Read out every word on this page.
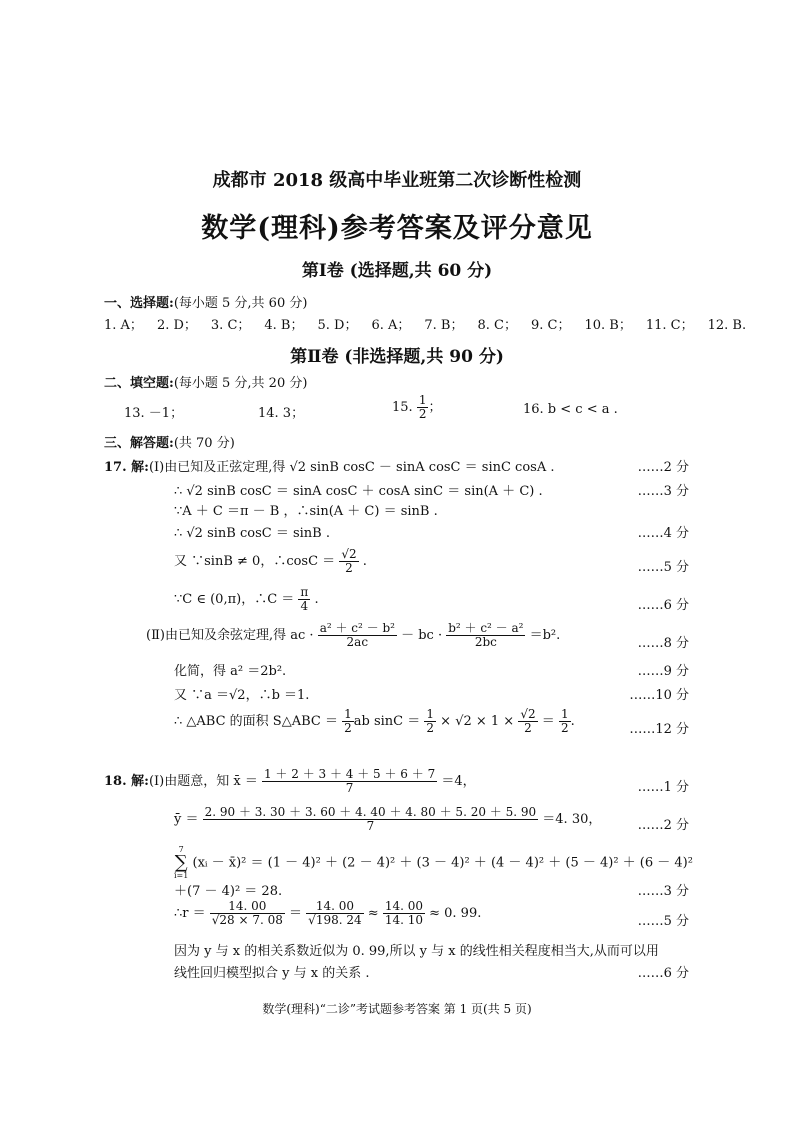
成都市 2018 级高中毕业班第二次诊断性检测
数学(理科)参考答案及评分意见
第Ⅰ卷 (选择题,共 60 分)
一、选择题:(每小题 5 分,共 60 分)
1. A； 2. D； 3. C； 4. B； 5. D； 6. A； 7. B； 8. C； 9. C； 10. B； 11. C； 12. B.
第Ⅱ卷 (非选择题,共 90 分)
二、填空题:(每小题 5 分,共 20 分)
13. －1；	14. 3；	15. $\frac{1}{2}$ ；	16. b < c < a .
三、解答题:(共 70 分)
17. 解:(Ⅰ)由已知及正弦定理,得 √2 sinB cosC － sinA cosC ＝ sinC cosA .	……2 分
∴ √2 sinB cosC ＝ sinA cosC ＋ cosA sinC ＝ sin(A ＋ C) .	……3 分
∵A ＋ C ＝π － B ，∴sin(A ＋ C) ＝ sinB .
∴ √2 sinB cosC ＝ sinB .	……4 分
又 ∵sinB ≠ 0，∴cosC ＝ $\frac{√2}{2}$ .	……5 分
∵C ∈ (0,π)，∴C ＝ $\frac{\pi}{4}$ .	……6 分
(Ⅱ)由已知及余弦定理,得 ac · $\frac{\text{a² ＋ c² － b²}}{2ac}$ － bc · $\frac{\text{b² ＋ c² － a²}}{2bc} =b^2$.
……8 分
化简，得 a² ＝2b².	……9 分
又 ∵a ＝√2，∴b ＝1.	……10 分
∴ △ABC 的面积 S△ABC ＝ $\frac{1}{2}$ ab $\sin C = \frac{1}{2} \times √2 \times 1 \times \frac{√2}{2} = \frac{1}{2}$ .
……12 分
18. 解:(Ⅰ)由题意，知 x̄ ＝ $\frac{1 + 2 + 3 + 4 + 5 + 6 + 7}{7} =4$，	……1 分
ȳ ＝ $\frac{2. 90 + 3. 30 + 3. 60 + 4. 40 + 4. 80 + 5. 20 + 5. 90}{7} =4$. 30，	……2 分
7
∑
i=1 (xᵢ － x̄)² ＝ (1 － 4)² ＋ (2 － 4)² ＋ (3 － 4)² ＋ (4 － 4)² ＋ (5 － 4)² ＋ (6 － 4)²
＋(7 － 4)² ＝ 28.	……3 分
∴r ＝ $\frac{14. 00}{√28 \times 7. 08} = \frac{14. 00}{√198. 24} \approx \frac{14. 00}{14. 10} \approx 0$. 99.
……5 分
因为 y 与 x 的相关系数近似为 0. 99,所以 y 与 x 的线性相关程度相当大,从而可以用
线性回归模型拟合 y 与 x 的关系 .	……6 分
数学(理科)“二诊”考试题参考答案 第 1 页(共 5 页)
